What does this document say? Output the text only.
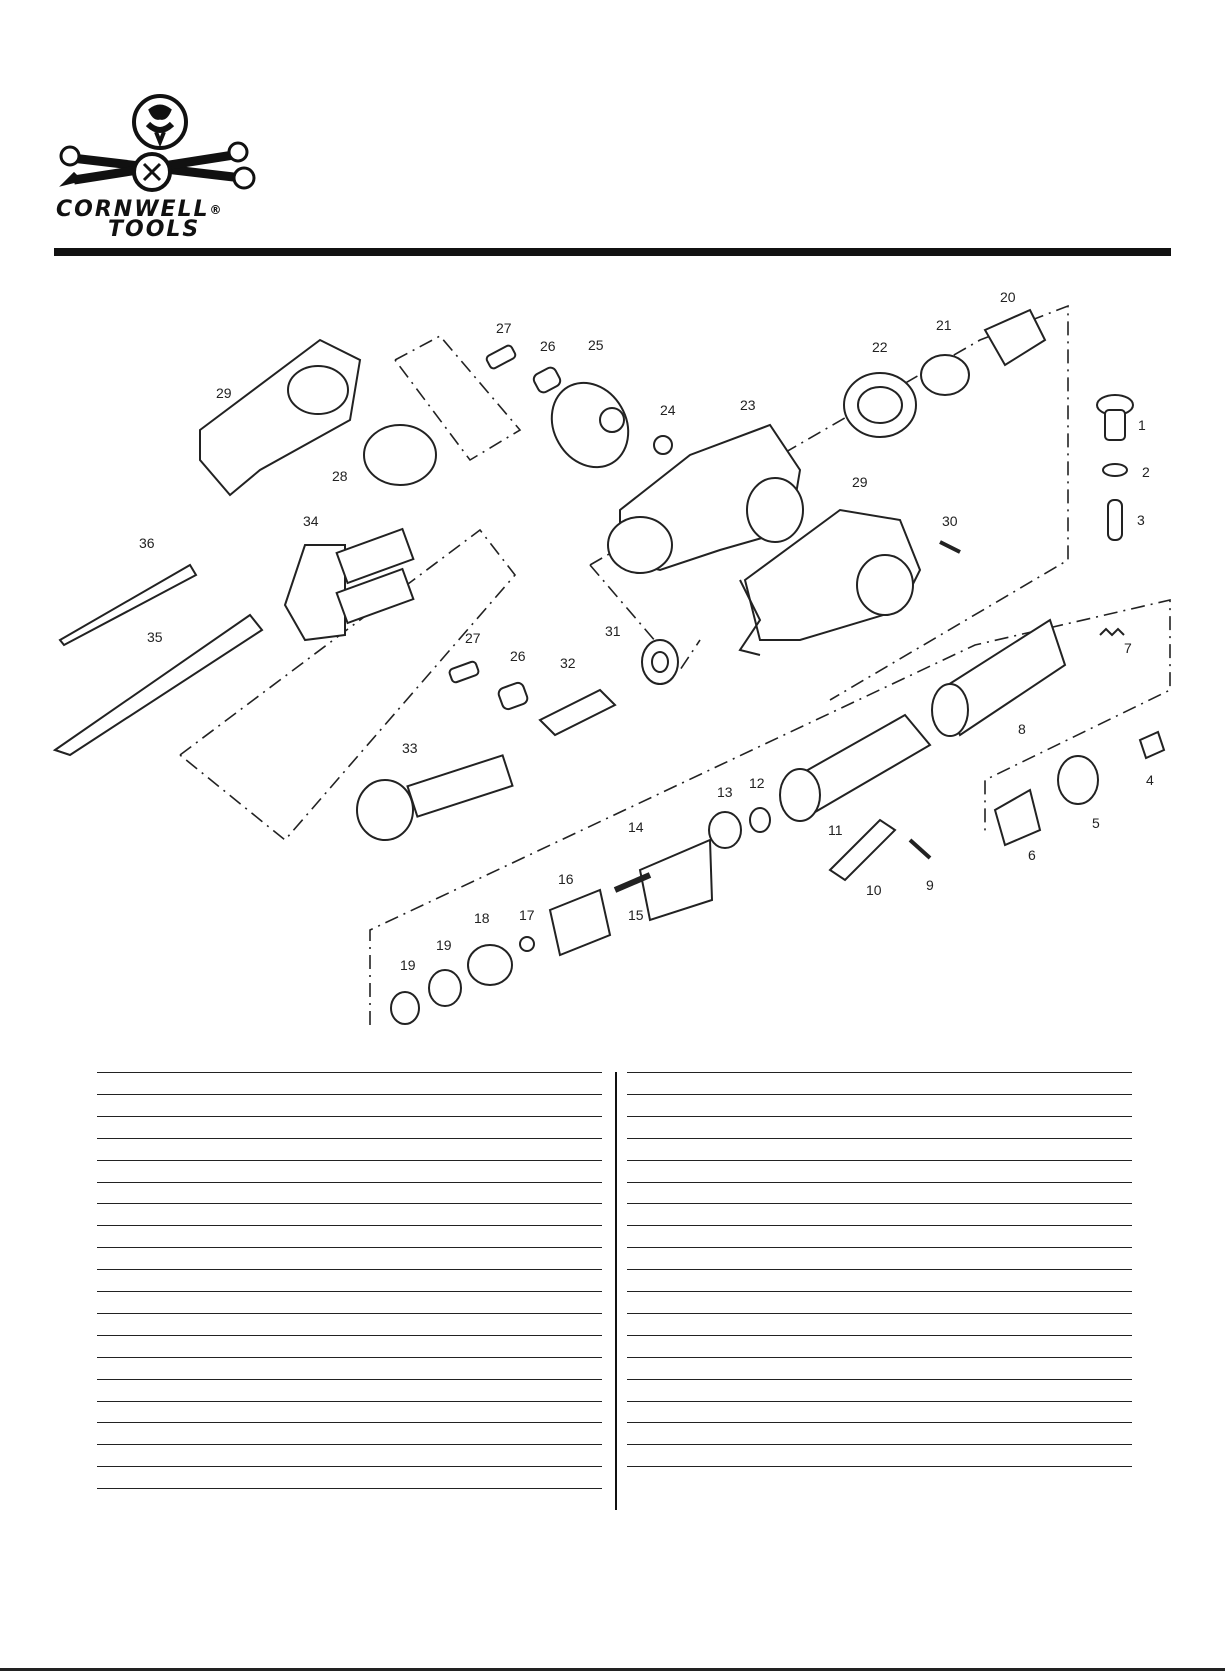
CORNWELL®
TOOLS
1
2
3
4
5
6
7
8
9
10
11
12
13
14
15
16
17
18
19
19
20
21
22
23
24
25
26
26
27
27
28
29
29
30
31
32
33
34
35
36
